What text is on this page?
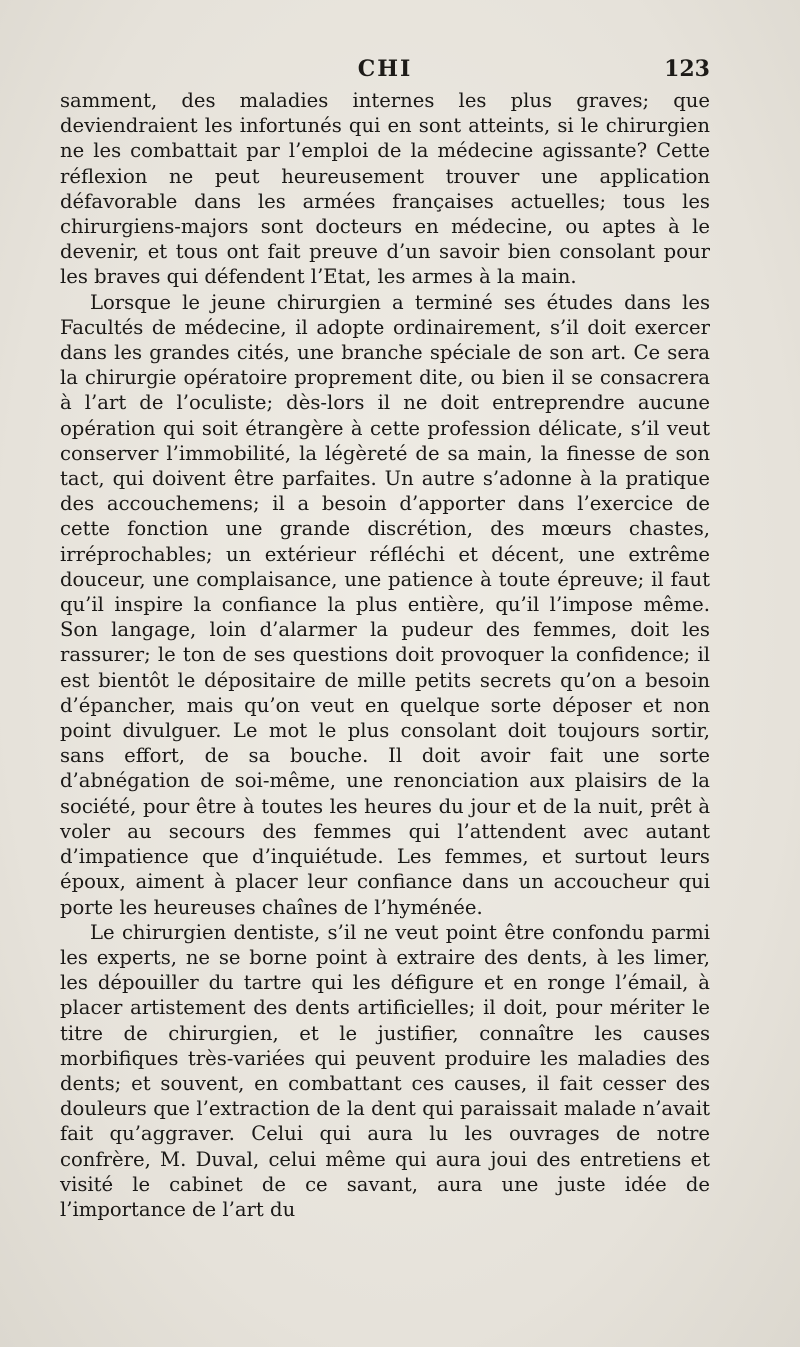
CHI	123

samment, des maladies internes les plus graves; que deviendraient les infortunés qui en sont atteints, si le chirurgien ne les combattait par l’emploi de la médecine agissante? Cette réflexion ne peut heureusement trouver une application défavorable dans les armées françaises actuelles; tous les chirurgiens-majors sont docteurs en médecine, ou aptes à le devenir, et tous ont fait preuve d’un savoir bien consolant pour les braves qui défendent l’Etat, les armes à la main.

Lorsque le jeune chirurgien a terminé ses études dans les Facultés de médecine, il adopte ordinairement, s’il doit exercer dans les grandes cités, une branche spéciale de son art. Ce sera la chirurgie opératoire proprement dite, ou bien il se consacrera à l’art de l’oculiste; dès-lors il ne doit entreprendre aucune opération qui soit étrangère à cette profession délicate, s’il veut conserver l’immobilité, la légèreté de sa main, la finesse de son tact, qui doivent être parfaites. Un autre s’adonne à la pratique des accouchemens; il a besoin d’apporter dans l’exercice de cette fonction une grande discrétion, des mœurs chastes, irréprochables; un extérieur réfléchi et décent, une extrême douceur, une complaisance, une patience à toute épreuve; il faut qu’il inspire la confiance la plus entière, qu’il l’impose même. Son langage, loin d’alarmer la pudeur des femmes, doit les rassurer; le ton de ses questions doit provoquer la confidence; il est bientôt le dépositaire de mille petits secrets qu’on a besoin d’épancher, mais qu’on veut en quelque sorte déposer et non point divulguer. Le mot le plus consolant doit toujours sortir, sans effort, de sa bouche. Il doit avoir fait une sorte d’abnégation de soi-même, une renonciation aux plaisirs de la société, pour être à toutes les heures du jour et de la nuit, prêt à voler au secours des femmes qui l’attendent avec autant d’impatience que d’inquiétude. Les femmes, et surtout leurs époux, aiment à placer leur confiance dans un accoucheur qui porte les heureuses chaînes de l’hyménée.

Le chirurgien dentiste, s’il ne veut point être confondu parmi les experts, ne se borne point à extraire des dents, à les limer, les dépouiller du tartre qui les défigure et en ronge l’émail, à placer artistement des dents artificielles; il doit, pour mériter le titre de chirurgien, et le justifier, connaître les causes morbifiques très-variées qui peuvent produire les maladies des dents; et souvent, en combattant ces causes, il fait cesser des douleurs que l’extraction de la dent qui paraissait malade n’avait fait qu’aggraver. Celui qui aura lu les ouvrages de notre confrère, M. Duval, celui même qui aura joui des entretiens et visité le cabinet de ce savant, aura une juste idée de l’importance de l’art du
